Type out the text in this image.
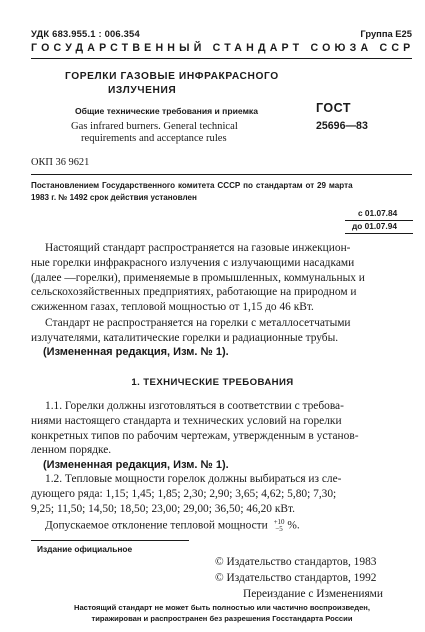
УДК 683.955.1 : 006.354	Группа Е25
ГОСУДАРСТВЕННЫЙ СТАНДАРТ СОЮЗА ССР
ГОРЕЛКИ ГАЗОВЫЕ ИНФРАКРАСНОГО
ИЗЛУЧЕНИЯ
Общие технические требования и приемка
Gas infrared burners. General technical
requirements and acceptance rules
ГОСТ
25696—83
ОКП 36 9621
Постановлением Государственного комитета СССР по стандартам от 29 марта
1983 г. № 1492 срок действия установлен
с 01.07.84
до 01.07.94
Настоящий стандарт распространяется на газовые инжекцион-
ные горелки инфракрасного излучения с излучающими насадками
(далее —горелки), применяемые в промышленных, коммунальных и
сельскохозяйственных предприятиях, работающие на природном и
сжиженном газах, тепловой мощностью от 1,15 до 46 кВт.
Стандарт не распространяется на горелки с металлосетчатыми
излучателями, каталитические горелки и радиационные трубы.
(Измененная редакция, Изм. № 1).
1. ТЕХНИЧЕСКИЕ ТРЕБОВАНИЯ
1.1. Горелки должны изготовляться в соответствии с требова-
ниями настоящего стандарта и технических условий на горелки
конкретных типов по рабочим чертежам, утвержденным в установ-
ленном порядке.
(Измененная редакция, Изм. № 1).
1.2. Тепловые мощности горелок должны выбираться из сле-
дующего ряда: 1,15; 1,45; 1,85; 2,30; 2,90; 3,65; 4,62; 5,80; 7,30;
9,25; 11,50; 14,50; 18,50; 23,00; 29,00; 36,50; 46,20 кВт.
Допускаемое отклонение тепловой мощности +10
−5 %.
Издание официальное
© Издательство стандартов, 1983
© Издательство стандартов, 1992
Переиздание с Изменениями
Настоящий стандарт не может быть полностью или частично воспроизведен,
тиражирован и распространен без разрешения Госстандарта России
